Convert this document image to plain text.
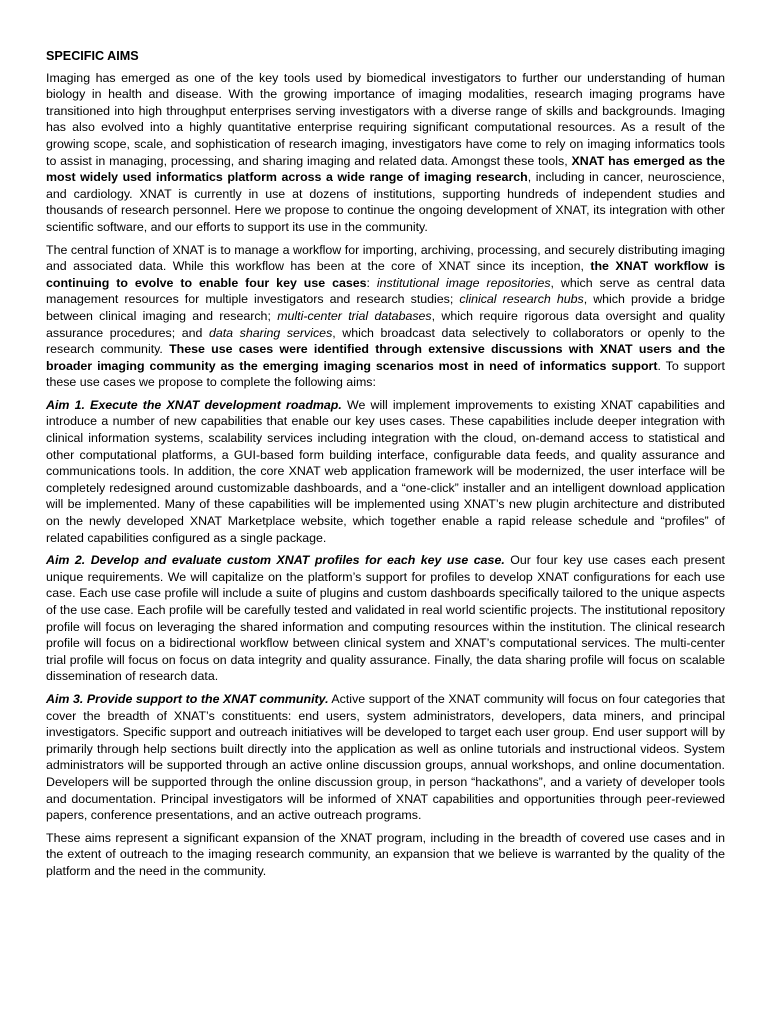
SPECIFIC AIMS

Imaging has emerged as one of the key tools used by biomedical investigators to further our understanding of human biology in health and disease. With the growing importance of imaging modalities, research imaging programs have transitioned into high throughput enterprises serving investigators with a diverse range of skills and backgrounds. Imaging has also evolved into a highly quantitative enterprise requiring significant computational resources. As a result of the growing scope, scale, and sophistication of research imaging, investigators have come to rely on imaging informatics tools to assist in managing, processing, and sharing imaging and related data. Amongst these tools, XNAT has emerged as the most widely used informatics platform across a wide range of imaging research, including in cancer, neuroscience, and cardiology. XNAT is currently in use at dozens of institutions, supporting hundreds of independent studies and thousands of research personnel. Here we propose to continue the ongoing development of XNAT, its integration with other scientific software, and our efforts to support its use in the community.

The central function of XNAT is to manage a workflow for importing, archiving, processing, and securely distributing imaging and associated data. While this workflow has been at the core of XNAT since its inception, the XNAT workflow is continuing to evolve to enable four key use cases: institutional image repositories, which serve as central data management resources for multiple investigators and research studies; clinical research hubs, which provide a bridge between clinical imaging and research; multi-center trial databases, which require rigorous data oversight and quality assurance procedures; and data sharing services, which broadcast data selectively to collaborators or openly to the research community. These use cases were identified through extensive discussions with XNAT users and the broader imaging community as the emerging imaging scenarios most in need of informatics support. To support these use cases we propose to complete the following aims:

Aim 1. Execute the XNAT development roadmap. We will implement improvements to existing XNAT capabilities and introduce a number of new capabilities that enable our key uses cases. These capabilities include deeper integration with clinical information systems, scalability services including integration with the cloud, on-demand access to statistical and other computational platforms, a GUI-based form building interface, configurable data feeds, and quality assurance and communications tools. In addition, the core XNAT web application framework will be modernized, the user interface will be completely redesigned around customizable dashboards, and a “one-click” installer and an intelligent download application will be implemented. Many of these capabilities will be implemented using XNAT’s new plugin architecture and distributed on the newly developed XNAT Marketplace website, which together enable a rapid release schedule and “profiles” of related capabilities configured as a single package.

Aim 2. Develop and evaluate custom XNAT profiles for each key use case. Our four key use cases each present unique requirements. We will capitalize on the platform’s support for profiles to develop XNAT configurations for each use case. Each use case profile will include a suite of plugins and custom dashboards specifically tailored to the unique aspects of the use case. Each profile will be carefully tested and validated in real world scientific projects. The institutional repository profile will focus on leveraging the shared information and computing resources within the institution. The clinical research profile will focus on a bidirectional workflow between clinical system and XNAT’s computational services. The multi-center trial profile will focus on focus on data integrity and quality assurance. Finally, the data sharing profile will focus on scalable dissemination of research data.

Aim 3. Provide support to the XNAT community. Active support of the XNAT community will focus on four categories that cover the breadth of XNAT’s constituents: end users, system administrators, developers, data miners, and principal investigators. Specific support and outreach initiatives will be developed to target each user group. End user support will by primarily through help sections built directly into the application as well as online tutorials and instructional videos. System administrators will be supported through an active online discussion groups, annual workshops, and online documentation. Developers will be supported through the online discussion group, in person “hackathons”, and a variety of developer tools and documentation. Principal investigators will be informed of XNAT capabilities and opportunities through peer-reviewed papers, conference presentations, and an active outreach programs.

These aims represent a significant expansion of the XNAT program, including in the breadth of covered use cases and in the extent of outreach to the imaging research community, an expansion that we believe is warranted by the quality of the platform and the need in the community.
